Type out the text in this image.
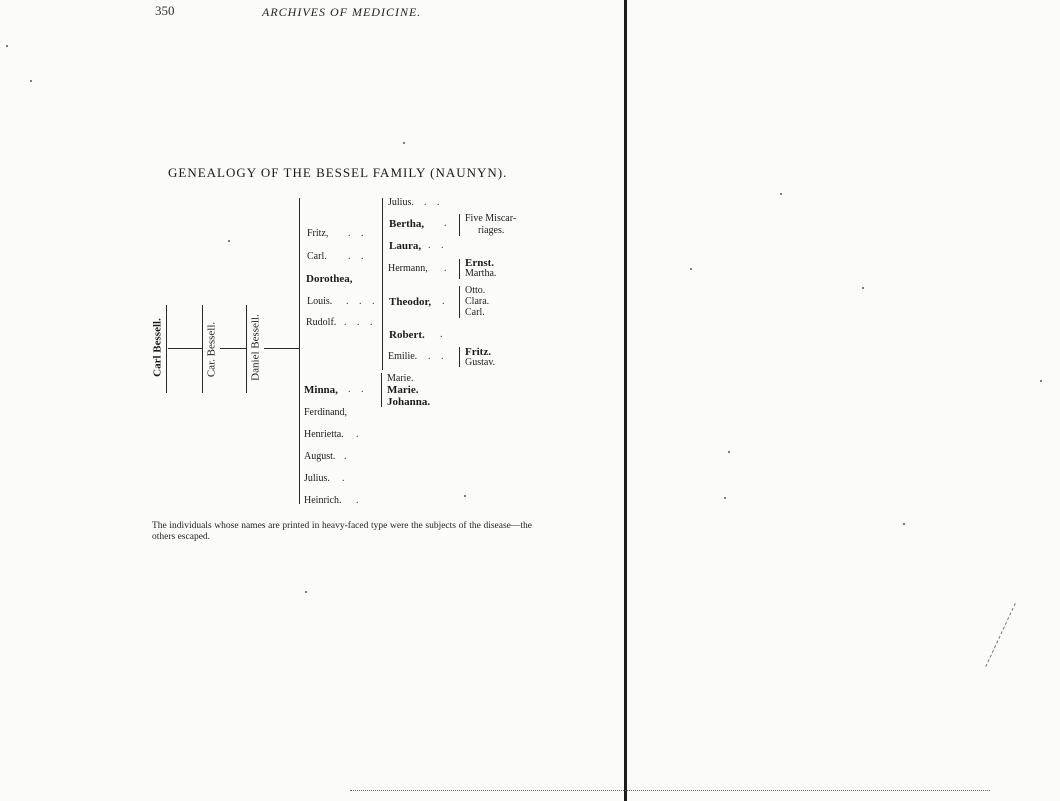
350	ARCHIVES OF MEDICINE.
GENEALOGY OF THE BESSEL FAMILY (NAUNYN).
Carl Bessell.	Car. Bessell.	Daniel Bessell.
Fritz, . .
Carl. . .
Dorothea,
Louis. . . .
Rudolf. . . .
Julius. . .
Bertha, .
Laura, . .
Hermann, .
Theodor, .
Robert. .
Emilie. . .
Five Miscar-
riages.
Ernst.
Martha.
Otto.
Clara.
Carl.
Fritz.
Gustav.
Minna, . .
Ferdinand,
Henrietta. .
August. .
Julius. .
Heinrich. .
Marie.
Marie.
Johanna.
The individuals whose names are printed in heavy-faced type were the subjects of the disease—the others escaped.
